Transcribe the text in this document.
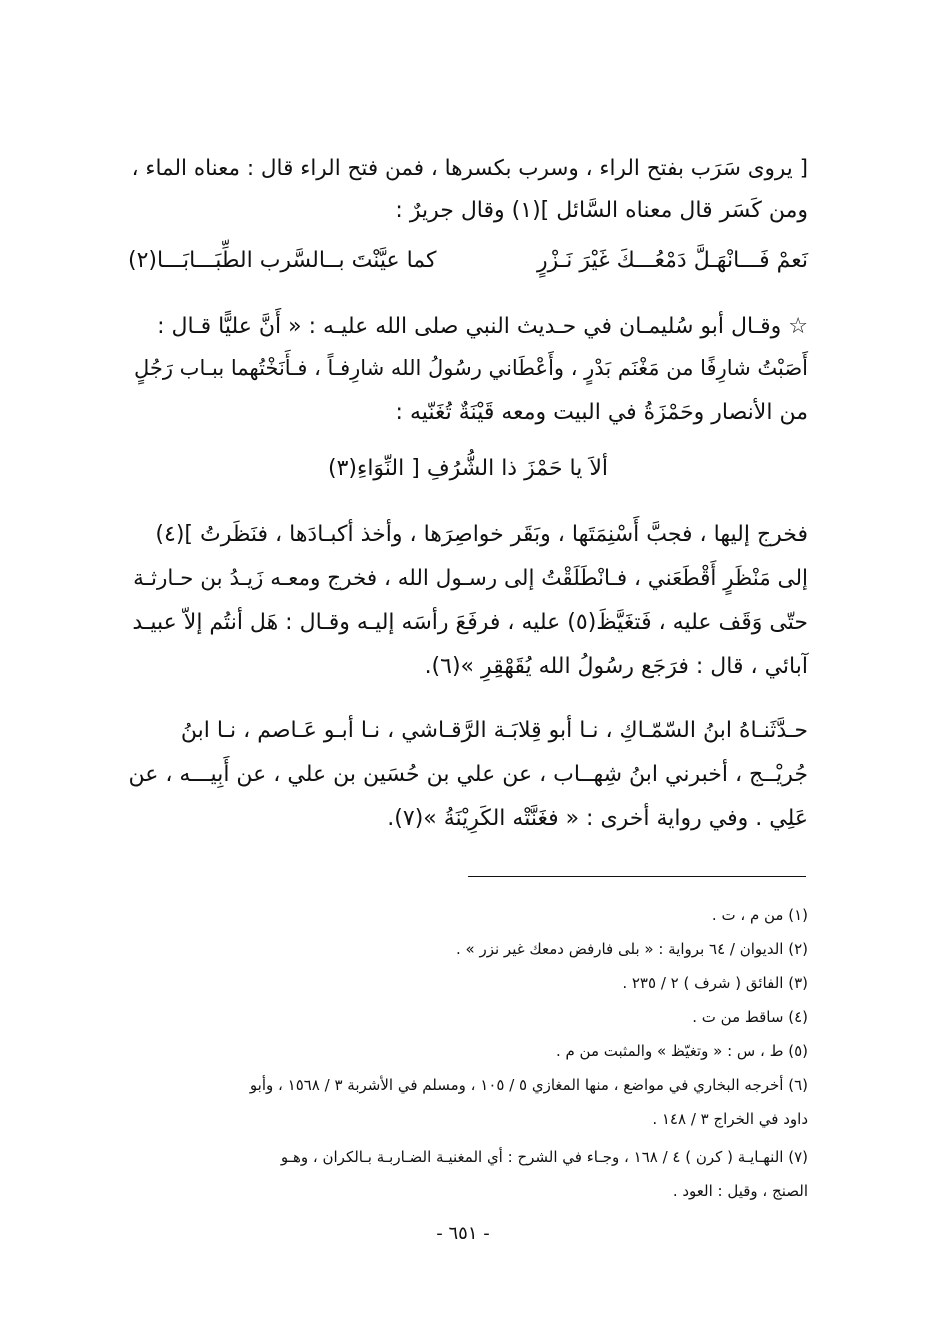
[ يروى سَرَب بفتح الراء ، وسرب بكسرها ، فمن فتح الراء قال : معناه الماء ،
ومن كَسَر قال معناه السَّائل ](١) وقال جريرٌ :
نَعمْ فَـــانْهَـلَّ دَمْعُـــكَ غَيْرَ نَـزْرٍ
كما عيَّنْتَ بــالسَّرب الطِّبَـــابَـــا(٢)
☆ وقـال أبو سُليمـان في حـديث النبي صلى الله عليـه : « أَنَّ عليًّا قـال :
أَصَبْتُ شارِفًا من مَغْنَم بَدْرٍ ، وأَعْطَاني رسُولُ الله شارِفـاً ، فـأَنَخْتُهما ببـاب رَجُلٍ
من الأنصار وحَمْزَةُ في البيت ومعه قَيْنَةٌ تُغَنّيه :
ألاَ يا حَمْزَ ذا الشُّرُفِ [ النِّوَاءِ(٣)
فخرج إليها ، فجبَّ أَسْنِمَتَها ، وبَقَر خواصِرَها ، وأخذ أكبـادَها ، فنَظَرتُ ](٤)
إلى مَنْظَرٍ أَقْطَعَني ، فـانْطَلَقْتُ إلى رسـول الله ، فخرج ومعـه زَيـدُ بن حـارثـة
حتّى وَقَف عليه ، فَتغَيَّظَ(٥) عليه ، فرفَعَ رأسَه إليـه وقـال : هَل أنتُم إلاّ عبيـد
آبائي ، قال : فرَجَع رسُولُ الله يُقَهْقِرِ »(٦).
حـدَّثَنـاهُ ابنُ السّمّـاكِ ، نـا أبو قِلابَـة الرَّقـاشي ، نـا أبـو عَـاصم ، نـا ابنُ
جُريْــج ، أخبرني ابنُ شِهــاب ، عن علي بن حُسَين بن علي ، عن أَبِيـــه ، عن
عَلِي . وفي رواية أخرى : « فغَنَّتْه الكَرِيْنَةُ »(٧).
(١) من م ، ت .
(٢) الديوان / ٦٤ برواية : « بلى فارفض دمعك غير نزر » .
(٣) الفائق ( شرف ) ٢ / ٢٣٥ .
(٤) ساقط من ت .
(٥) ط ، س : « وتغيّظ » والمثبت من م .
(٦) أخرجه البخاري في مواضع ، منها المغازي ٥ / ١٠٥ ، ومسلم في الأشربة ٣ / ١٥٦٨ ، وأبو
داود في الخراج ٣ / ١٤٨ .
(٧) النهـايـة ( كرن ) ٤ / ١٦٨ ، وجـاء في الشرح : أي المغنيـة الضـاربـة بـالكران ، وهـو
الصنج ، وقيل : العود .
- ٦٥١ -
